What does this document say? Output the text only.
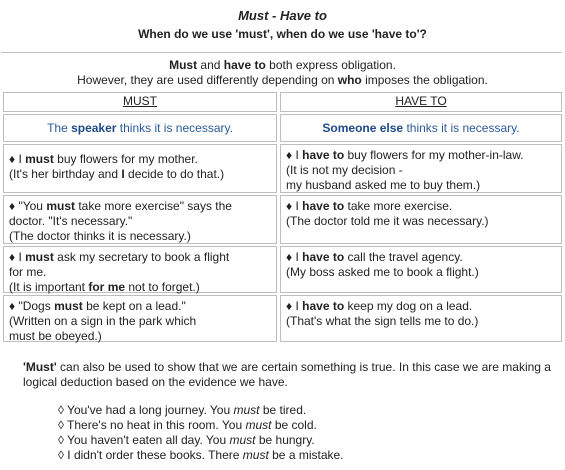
Must - Have to
When do we use 'must', when do we use 'have to'?
Must and have to both express obligation.
However, they are used differently depending on who imposes the obligation.
MUST	HAVE TO
The speaker thinks it is necessary.	Someone else thinks it is necessary.
♦ I must buy flowers for my mother.
(It's her birthday and I decide to do that.)
♦ "You must take more exercise" says the
doctor. "It's necessary."
(The doctor thinks it is necessary.)
♦ I must ask my secretary to book a flight
for me.
(It is important for me not to forget.)
♦ "Dogs must be kept on a lead."
(Written on a sign in the park which
must be obeyed.)
♦ I have to buy flowers for my mother-in-law.
(It is not my decision -
my husband asked me to buy them.)
♦ I have to take more exercise.
(The doctor told me it was necessary.)
♦ I have to call the travel agency.
(My boss asked me to book a flight.)
♦ I have to keep my dog on a lead.
(That's what the sign tells me to do.)
'Must' can also be used to show that we are certain something is true. In this case we are making a logical deduction based on the evidence we have.
◊ You've had a long journey. You must be tired.
◊ There's no heat in this room. You must be cold.
◊ You haven't eaten all day. You must be hungry.
◊ I didn't order these books. There must be a mistake.
